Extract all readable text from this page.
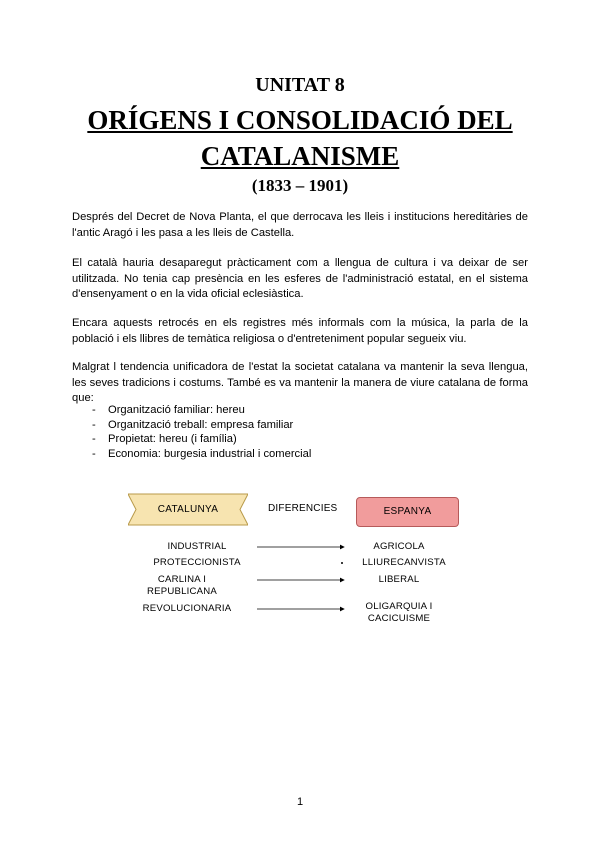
UNITAT 8
ORÍGENS I CONSOLIDACIÓ DEL CATALANISME
(1833 – 1901)

Després del Decret de Nova Planta, el que derrocava les lleis i institucions hereditàries de l'antic Aragó i les pasa a les lleis de Castella.

El català hauria desaparegut pràcticament com a llengua de cultura i va deixar de ser utilitzada. No tenia cap presència en les esferes de l'administració estatal, en el sistema d'ensenyament o en la vida oficial eclesiàstica.

Encara aquests retrocés en els registres més informals com la música, la parla de la població i els llibres de temàtica religiosa o d'entreteniment popular segueix viu.

Malgrat l tendencia unificadora de l'estat la societat catalana va mantenir la seva llengua, les seves tradicions i costums. També es va mantenir la manera de viure catalana de forma que:

- Organització familiar: hereu
- Organització treball: empresa familiar
- Propietat: hereu (i família)
- Economia: burgesia industrial i comercial
CATALUNYA	DIFERENCIES	ESPANYA
INDUSTRIAL
PROTECCIONISTA
CARLINA I REPUBLICANA
REVOLUCIONARIA
AGRICOLA
LLIURECANVISTA
LIBERAL
OLIGARQUIA I CACICUISME
1
